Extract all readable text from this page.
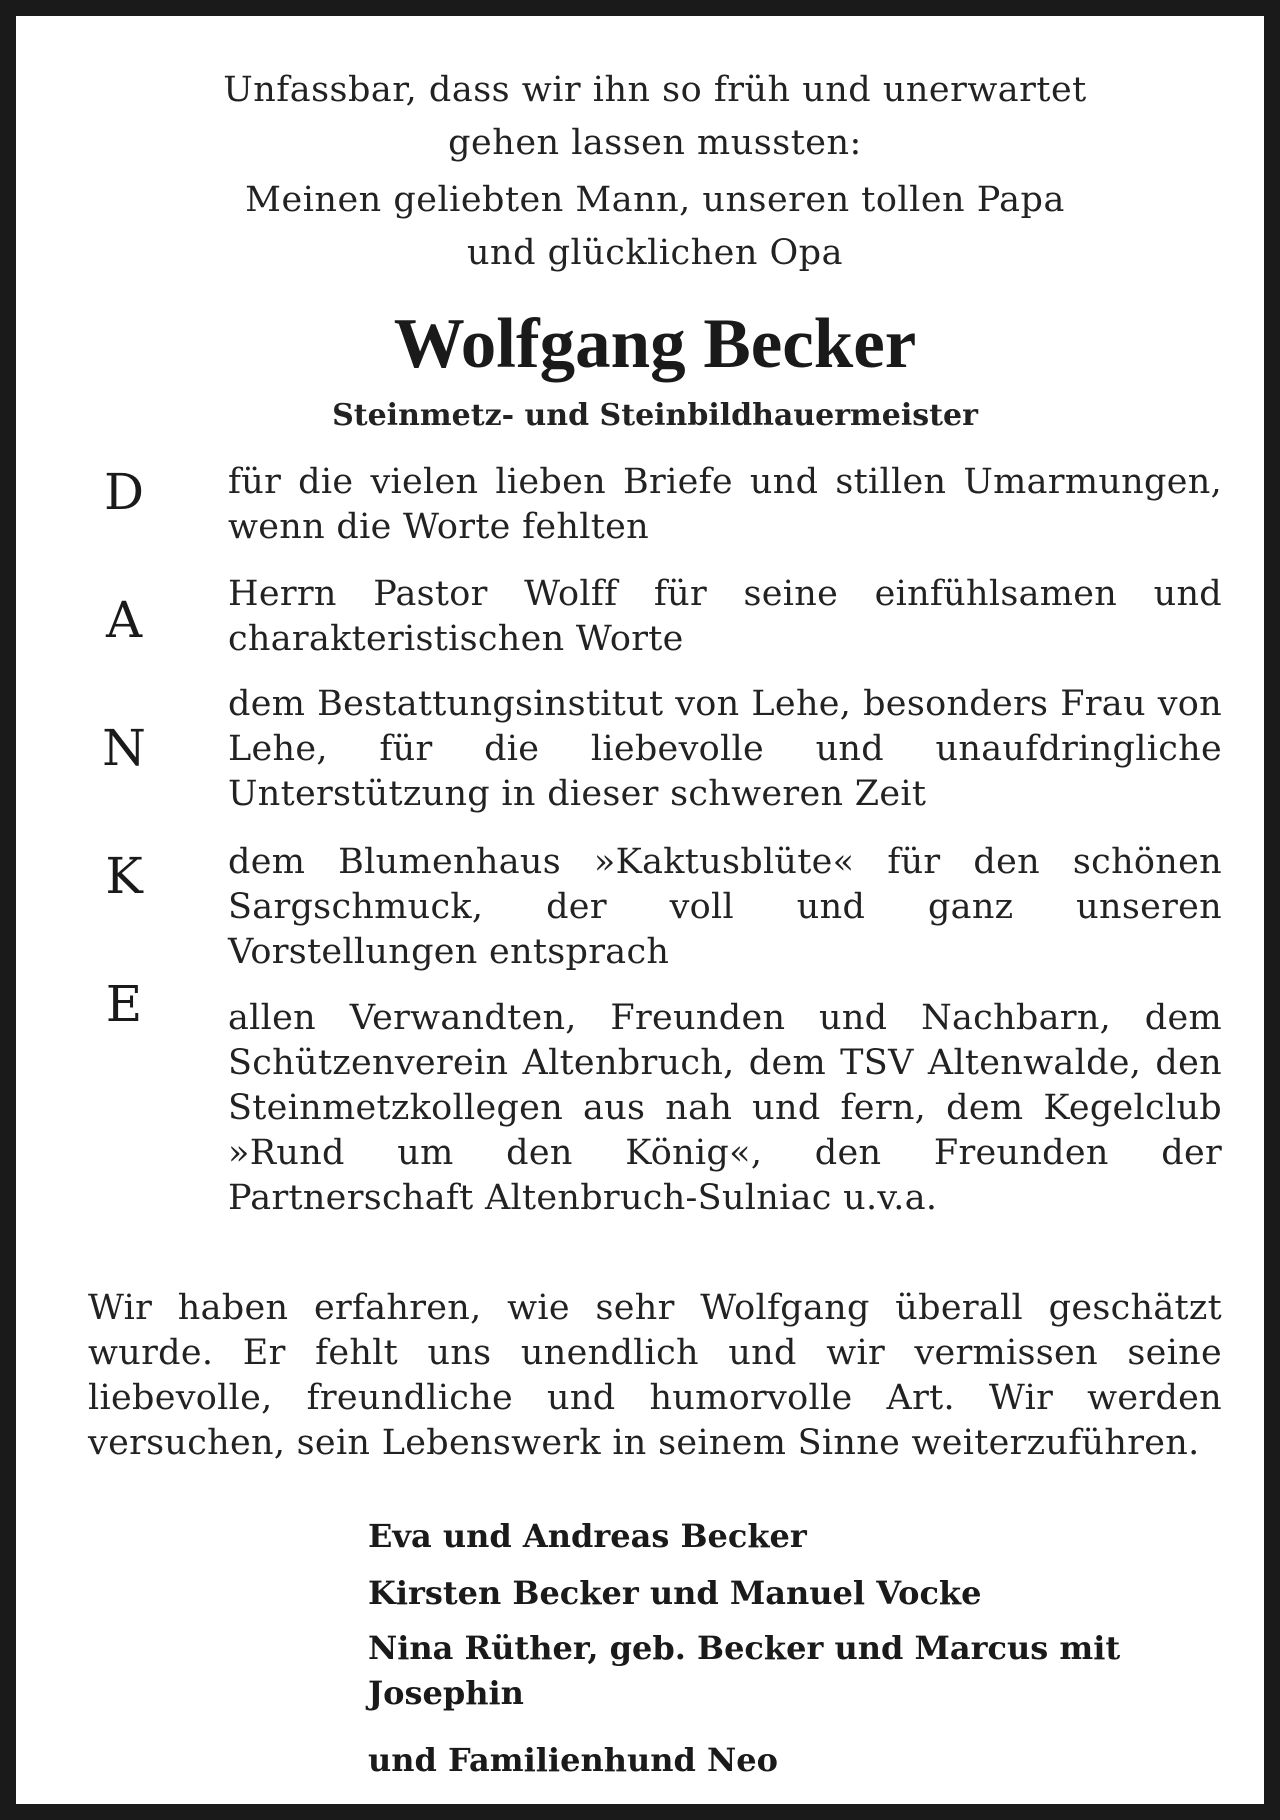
Unfassbar, dass wir ihn so früh und unerwartet

gehen lassen mussten:

Meinen geliebten Mann, unseren tollen Papa

und glücklichen Opa

Wolfgang Becker
Steinmetz- und Steinbildhauermeister
D
A
N
K
E

für die vielen lieben Briefe und stillen Umarmungen, wenn die Worte fehlten

Herrn Pastor Wolff für seine einfühlsamen und charakteristischen Worte

dem Bestattungsinstitut von Lehe, besonders Frau von Lehe, für die liebevolle und unaufdringliche Unterstützung in dieser schweren Zeit

dem Blumenhaus »Kaktusblüte« für den schönen Sargschmuck, der voll und ganz unseren Vorstellungen entsprach

allen Verwandten, Freunden und Nachbarn, dem Schützenverein Altenbruch, dem TSV Altenwalde, den Steinmetzkollegen aus nah und fern, dem Kegelclub »Rund um den König«, den Freunden der Partnerschaft Altenbruch-Sulniac u.v.a.

Wir haben erfahren, wie sehr Wolfgang überall geschätzt wurde. Er fehlt uns unendlich und wir vermissen seine liebevolle, freundliche und humorvolle Art. Wir werden versuchen, sein Lebenswerk in seinem Sinne weiterzuführen.

Eva und Andreas Becker

Kirsten Becker und Manuel Vocke

Nina Rüther, geb. Becker und Marcus mit Josephin

und Familienhund Neo
